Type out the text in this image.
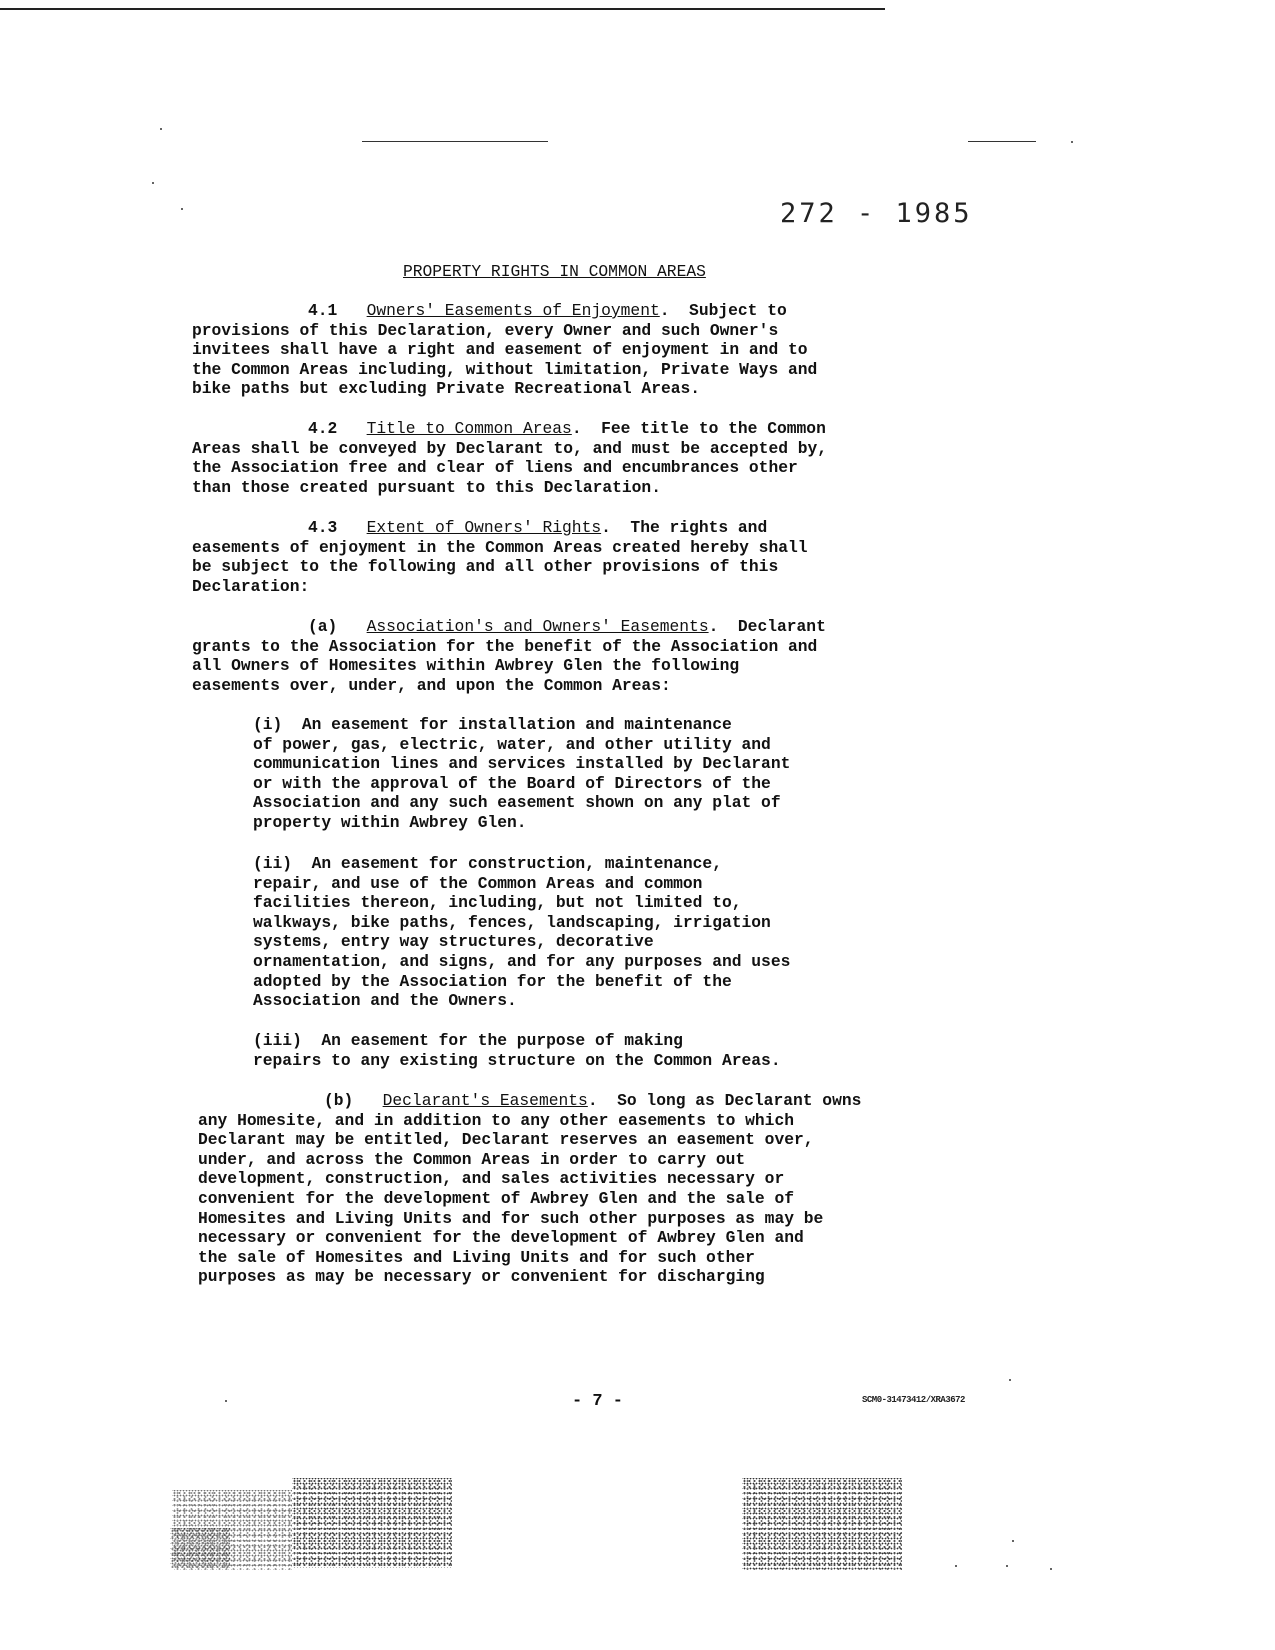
272 - 1985
PROPERTY RIGHTS IN COMMON AREAS
4.1 Owners' Easements of Enjoyment.  Subject to
provisions of this Declaration, every Owner and such Owner's
invitees shall have a right and easement of enjoyment in and to
the Common Areas including, without limitation, Private Ways and
bike paths but excluding Private Recreational Areas.
4.2 Title to Common Areas.  Fee title to the Common
Areas shall be conveyed by Declarant to, and must be accepted by,
the Association free and clear of liens and encumbrances other
than those created pursuant to this Declaration.
4.3 Extent of Owners' Rights.  The rights and
easements of enjoyment in the Common Areas created hereby shall
be subject to the following and all other provisions of this
Declaration:
(a) Association's and Owners' Easements.  Declarant
grants to the Association for the benefit of the Association and
all Owners of Homesites within Awbrey Glen the following
easements over, under, and upon the Common Areas:
(i)  An easement for installation and maintenance
of power, gas, electric, water, and other utility and
communication lines and services installed by Declarant
or with the approval of the Board of Directors of the
Association and any such easement shown on any plat of
property within Awbrey Glen.
(ii)  An easement for construction, maintenance,
repair, and use of the Common Areas and common
facilities thereon, including, but not limited to,
walkways, bike paths, fences, landscaping, irrigation
systems, entry way structures, decorative
ornamentation, and signs, and for any purposes and uses
adopted by the Association for the benefit of the
Association and the Owners.
(iii)  An easement for the purpose of making
repairs to any existing structure on the Common Areas.
(b) Declarant's Easements.  So long as Declarant owns
any Homesite, and in addition to any other easements to which
Declarant may be entitled, Declarant reserves an easement over,
under, and across the Common Areas in order to carry out
development, construction, and sales activities necessary or
convenient for the development of Awbrey Glen and the sale of
Homesites and Living Units and for such other purposes as may be
necessary or convenient for the development of Awbrey Glen and
the sale of Homesites and Living Units and for such other
purposes as may be necessary or convenient for discharging
- 7 -	SCM0-31473412/XRA3672
